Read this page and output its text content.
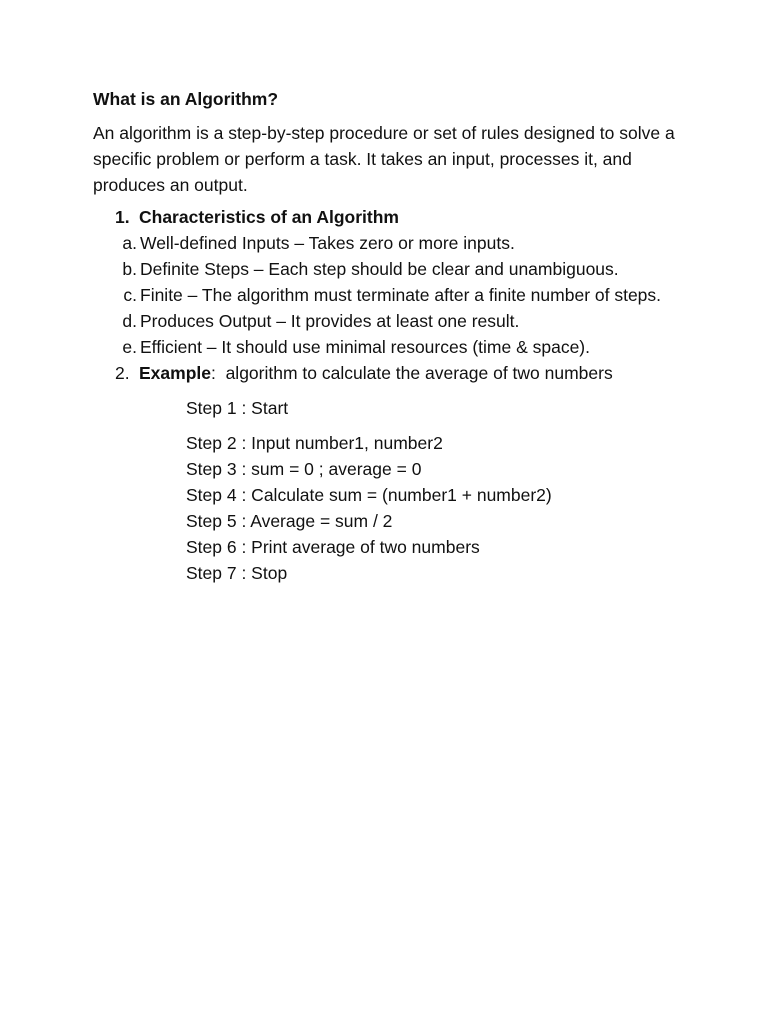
What is an Algorithm?
An algorithm is a step-by-step procedure or set of rules designed to solve a specific problem or perform a task. It takes an input, processes it, and produces an output.
1. Characteristics of an Algorithm
a. Well-defined Inputs – Takes zero or more inputs.
b. Definite Steps – Each step should be clear and unambiguous.
c. Finite – The algorithm must terminate after a finite number of steps.
d. Produces Output – It provides at least one result.
e. Efficient – It should use minimal resources (time & space).
2. Example:  algorithm to calculate the average of two numbers
Step 1 : Start
Step 2 : Input number1, number2
Step 3 : sum = 0 ; average = 0
Step 4 : Calculate sum = (number1 + number2)
Step 5 : Average = sum / 2
Step 6 : Print average of two numbers
Step 7 : Stop
